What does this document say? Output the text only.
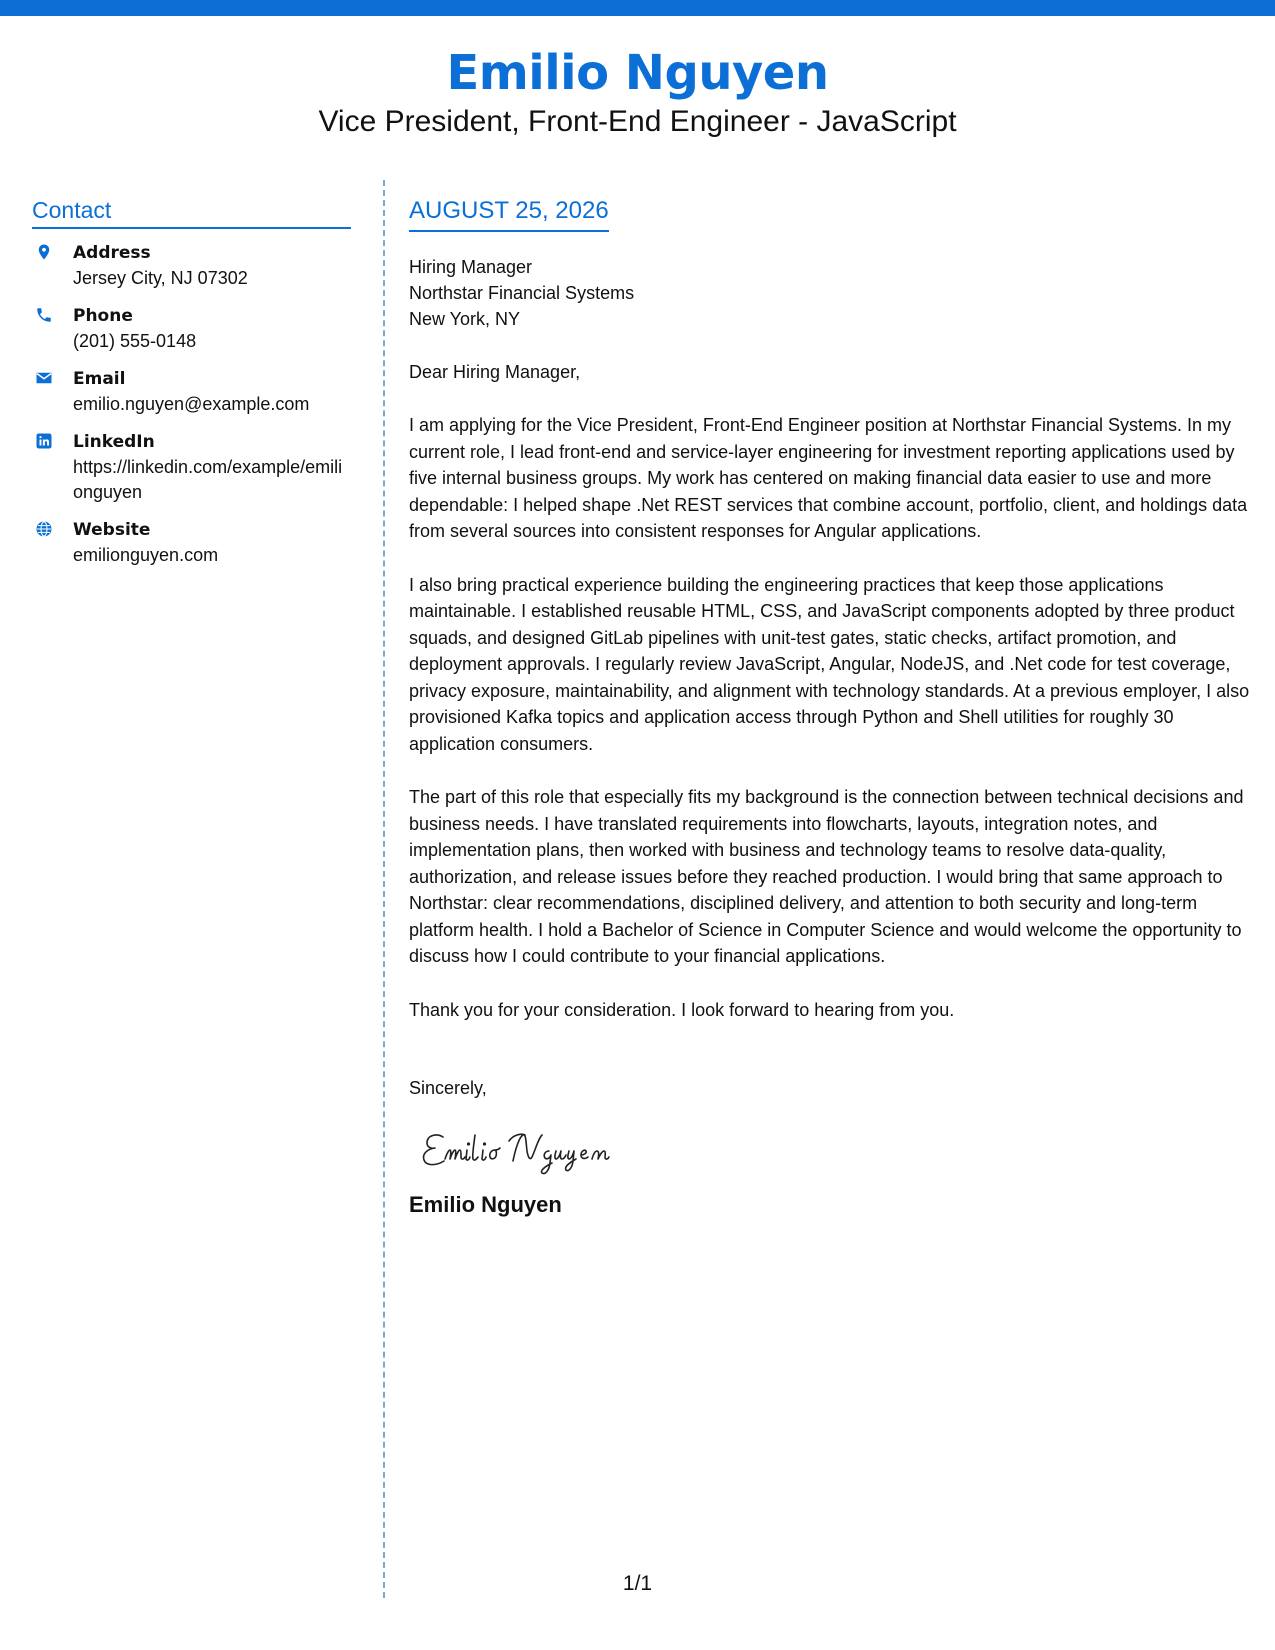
Emilio Nguyen
Vice President, Front-End Engineer - JavaScript
Contact
Address
Jersey City, NJ 07302
Phone
(201) 555-0148
Email
emilio.nguyen@example.com
LinkedIn
https://linkedin.com/example/emilionguyen
Website
emilionguyen.com
AUGUST 25, 2026
Hiring Manager
Northstar Financial Systems
New York, NY
Dear Hiring Manager,
I am applying for the Vice President, Front-End Engineer position at Northstar Financial Systems. In my current role, I lead front-end and service-layer engineering for investment reporting applications used by five internal business groups. My work has centered on making financial data easier to use and more dependable: I helped shape .Net REST services that combine account, portfolio, client, and holdings data from several sources into consistent responses for Angular applications.
I also bring practical experience building the engineering practices that keep those applications maintainable. I established reusable HTML, CSS, and JavaScript components adopted by three product squads, and designed GitLab pipelines with unit-test gates, static checks, artifact promotion, and deployment approvals. I regularly review JavaScript, Angular, NodeJS, and .Net code for test coverage, privacy exposure, maintainability, and alignment with technology standards. At a previous employer, I also provisioned Kafka topics and application access through Python and Shell utilities for roughly 30 application consumers.
The part of this role that especially fits my background is the connection between technical decisions and business needs. I have translated requirements into flowcharts, layouts, integration notes, and implementation plans, then worked with business and technology teams to resolve data-quality, authorization, and release issues before they reached production. I would bring that same approach to Northstar: clear recommendations, disciplined delivery, and attention to both security and long-term platform health. I hold a Bachelor of Science in Computer Science and would welcome the opportunity to discuss how I could contribute to your financial applications.
Thank you for your consideration. I look forward to hearing from you.
Sincerely,
Emilio Nguyen
1/1
